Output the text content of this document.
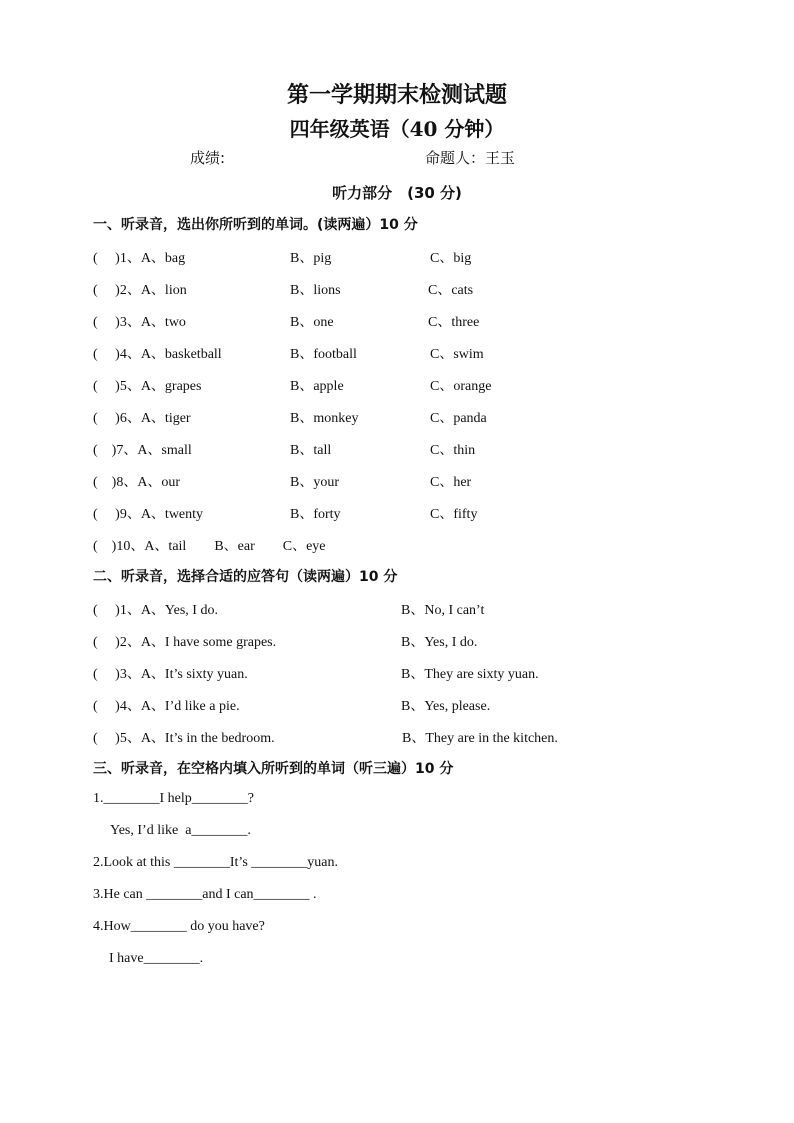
第一学期期末检测试题
四年级英语（40 分钟）
成绩:	命题人：王玉
听力部分　(30 分)
一、听录音，选出你所听到的单词。(读两遍）10 分
(　 )1、A、bag	B、pig	C、big
(　 )2、A、lion	B、lions	C、cats
(　 )3、A、two	B、one	C、three
(　 )4、A、basketball	B、football	C、swim
(　 )5、A、grapes	B、apple	C、orange
(　 )6、A、tiger	B、monkey	C、panda
(　)7、A、small	B、tall	C、thin
(　)8、A、our	B、your	C、her
(　 )9、A、twenty	B、forty	C、fifty
(　)10、A、tail　　B、ear　　C、eye
二、听录音，选择合适的应答句（读两遍）10 分
(　 )1、A、Yes, I do.	B、No, I can’t
(　 )2、A、I have some grapes.	B、Yes, I do.
(　 )3、A、It’s sixty yuan.	B、They are sixty yuan.
(　 )4、A、I’d like a pie.	B、Yes, please.
(　 )5、A、It’s in the bedroom.	B、They are in the kitchen.
三、听录音，在空格内填入所听到的单词（听三遍）10 分
1.________I help________?
Yes, I’d like  a________.
2.Look at this ________It’s ________yuan.
3.He can ________and I can________ .
4.How________ do you have?
I have________.
